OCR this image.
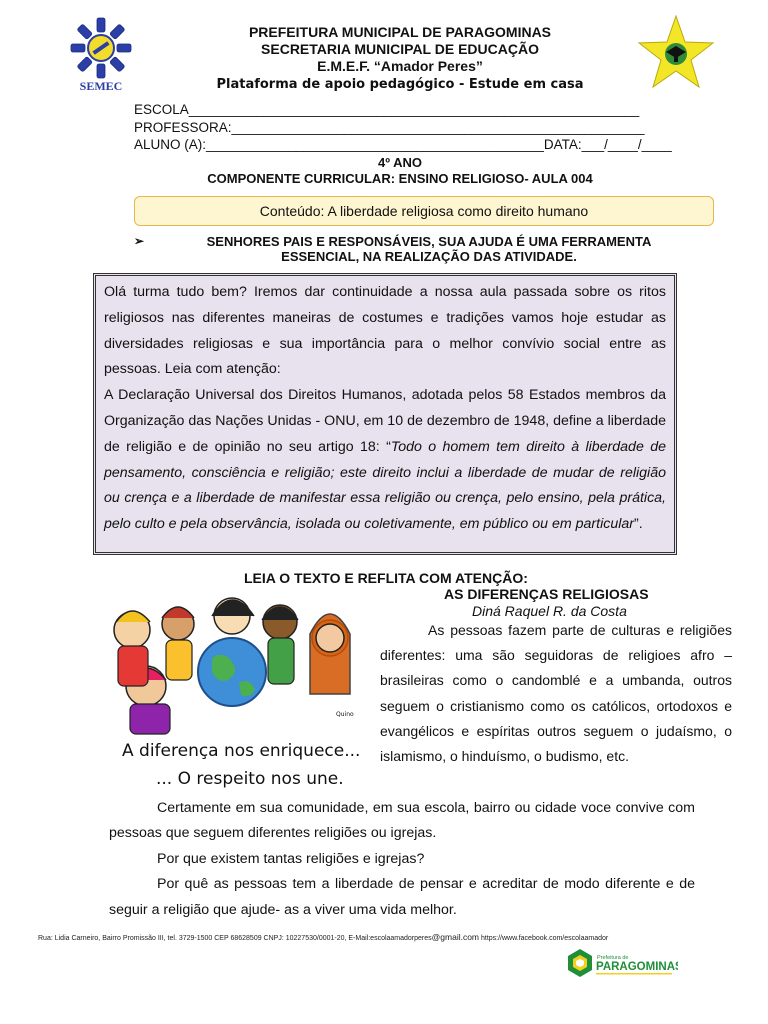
SEMEC
PREFEITURA MUNICIPAL DE PARAGOMINAS
SECRETARIA MUNICIPAL DE EDUCAÇÃO
E.M.E.F. “Amador Peres”
Plataforma de apoio pedagógico - Estude em casa
ESCOLA____________________________________________________________
PROFESSORA:_______________________________________________________
ALUNO (A):_____________________________________________DATA:___/____/____
4º ANO
COMPONENTE CURRICULAR: ENSINO RELIGIOSO- AULA 004
Conteúdo: A liberdade religiosa como direito humano
➢	SENHORES PAIS E RESPONSÁVEIS, SUA AJUDA É UMA FERRAMENTA
ESSENCIAL, NA REALIZAÇÃO DAS ATIVIDADE.

Olá turma tudo bem? Iremos dar continuidade a nossa aula passada sobre os ritos religiosos nas diferentes maneiras de costumes e tradições vamos hoje estudar as diversidades religiosas e sua importância para o melhor convívio social entre as pessoas. Leia com atenção:

A Declaração Universal dos Direitos Humanos, adotada pelos 58 Estados membros da Organização das Nações Unidas - ONU, em 10 de dezembro de 1948, define a liberdade de religião e de opinião no seu artigo 18: “Todo o homem tem direito à liberdade de pensamento, consciência e religião; este direito inclui a liberdade de mudar de religião ou crença e a liberdade de manifestar essa religião ou crença, pelo ensino, pela prática, pelo culto e pela observância, isolada ou coletivamente, em público ou em particular”.

LEIA O TEXTO E REFLITA COM ATENÇÃO:
AS DIFERENÇAS RELIGIOSAS
Diná Raquel R. da Costa
A diferença nos enriquece...
... O respeito nos une.
Quino
As pessoas fazem parte de culturas e religiões diferentes: uma são seguidoras de religioes afro – brasileiras como o candomblé e a umbanda, outros seguem o cristianismo como os católicos, ortodoxos e evangélicos e espíritas outros seguem o judaísmo, o islamismo, o hinduísmo, o budismo, etc.

Certamente em sua comunidade, em sua escola, bairro ou cidade voce convive com pessoas que seguem diferentes religiões ou igrejas.

Por que existem tantas religiões e igrejas?

Por quê as pessoas tem a liberdade de pensar e acreditar de modo diferente e de seguir a religião que ajude- as a viver uma vida melhor.

Rua: Lidia Carneiro, Bairro Promissão III, tel. 3729-1500 CEP 68628509 CNPJ: 10227530/0001-20, E-Mail:escolaamadorperes@gmail.com https://www.facebook.com/escolaamador
Prefeitura de
PARAGOMINAS
